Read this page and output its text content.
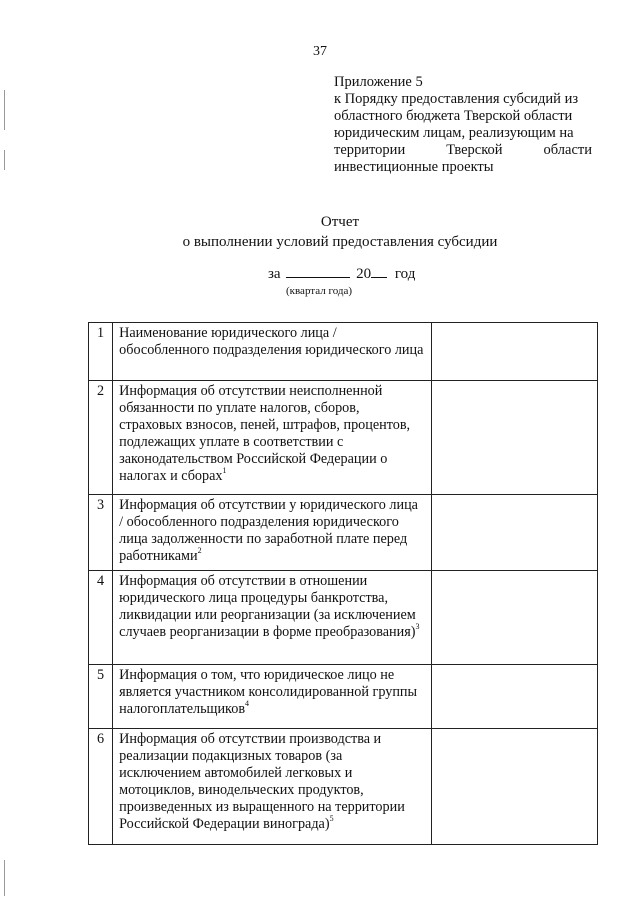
37
Приложение 5
к Порядку предоставления субсидий из
областного бюджета Тверской области
юридическим лицам, реализующим на
территории	Тверской	области
инвестиционные проекты
Отчет
о выполнении условий предоставления субсидии
за	20 год
(квартал года)
1	Наименование юридического лица / обособленного подразделения юридического лица	
2	Информация об отсутствии неисполненной обязанности по уплате налогов, сборов, страховых взносов, пеней, штрафов, процентов, подлежащих уплате в соответствии с законодательством Российской Федерации о налогах и сборах$^1$	
3	Информация об отсутствии у юридического лица / обособленного подразделения юридического лица задолженности по заработной плате перед работниками$^2$	
4	Информация об отсутствии в отношении юридического лица процедуры банкротства, ликвидации или реорганизации (за исключением случаев реорганизации в форме преобразования)$^3$	
5	Информация о том, что юридическое лицо не является участником консолидированной группы налогоплательщиков$^4$	
6	Информация об отсутствии производства и реализации подакцизных товаров (за исключением автомобилей легковых и мотоциклов, винодельческих продуктов, произведенных из выращенного на территории Российской Федерации винограда)$^5$	
